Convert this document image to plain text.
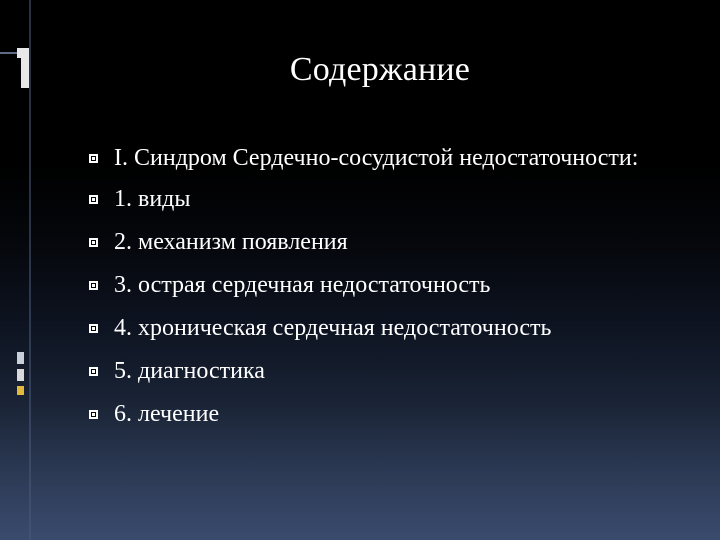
Содержание
I. Синдром Сердечно-сосудистой недостаточности:
1. виды
2. механизм появления
3. острая сердечная недостаточность
4. хроническая сердечная недостаточность
5. диагностика
6. лечение
